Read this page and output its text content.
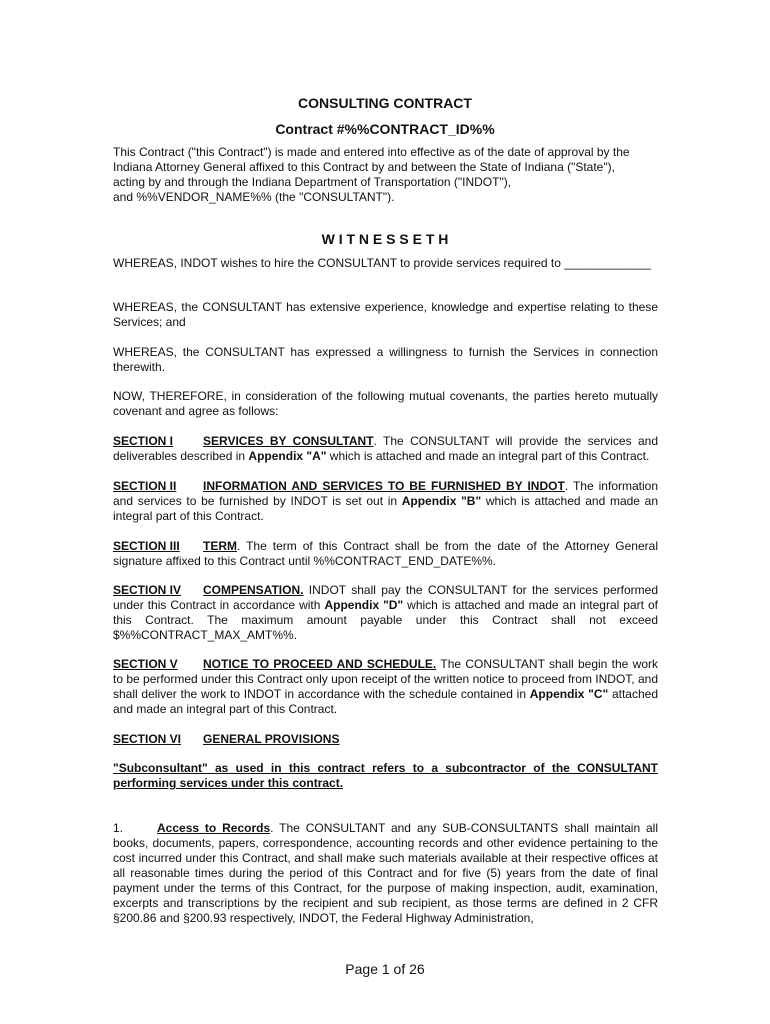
CONSULTING CONTRACT

Contract #%%CONTRACT_ID%%

This Contract ("this Contract") is made and entered into effective as of the date of approval by the
Indiana Attorney General affixed to this Contract by and between the State of Indiana ("State"),
acting by and through the Indiana Department of Transportation ("INDOT"),
and %%VENDOR_NAME%% (the "CONSULTANT").

W I T N E S S E T H

WHEREAS, INDOT wishes to hire the CONSULTANT to provide services required to _____________

WHEREAS, the CONSULTANT has extensive experience, knowledge and expertise relating to these Services; and

WHEREAS, the CONSULTANT has expressed a willingness to furnish the Services in connection therewith.

NOW, THEREFORE, in consideration of the following mutual covenants, the parties hereto mutually covenant and agree as follows:

SECTION I SERVICES BY CONSULTANT. The CONSULTANT will provide the services and deliverables described in Appendix "A" which is attached and made an integral part of this Contract.

SECTION II INFORMATION AND SERVICES TO BE FURNISHED BY INDOT. The information and services to be furnished by INDOT is set out in Appendix "B" which is attached and made an integral part of this Contract.

SECTION III TERM. The term of this Contract shall be from the date of the Attorney General signature affixed to this Contract until %%CONTRACT_END_DATE%%.

SECTION IV COMPENSATION. INDOT shall pay the CONSULTANT for the services performed under this Contract in accordance with Appendix "D" which is attached and made an integral part of this Contract. The maximum amount payable under this Contract shall not exceed $%%CONTRACT_MAX_AMT%%.

SECTION V NOTICE TO PROCEED AND SCHEDULE. The CONSULTANT shall begin the work to be performed under this Contract only upon receipt of the written notice to proceed from INDOT, and shall deliver the work to INDOT in accordance with the schedule contained in Appendix "C" attached and made an integral part of this Contract.

SECTION VI GENERAL PROVISIONS

"Subconsultant" as used in this contract refers to a subcontractor of the CONSULTANT performing services under this contract.

1.	Access to Records. The CONSULTANT and any SUB-CONSULTANTS shall maintain all books, documents, papers, correspondence, accounting records and other evidence pertaining to the cost incurred under this Contract, and shall make such materials available at their respective offices at all reasonable times during the period of this Contract and for five (5) years from the date of final payment under the terms of this Contract, for the purpose of making inspection, audit, examination, excerpts and transcriptions by the recipient and sub recipient, as those terms are defined in 2 CFR §200.86 and §200.93 respectively, INDOT, the Federal Highway Administration,

Page 1 of 26
